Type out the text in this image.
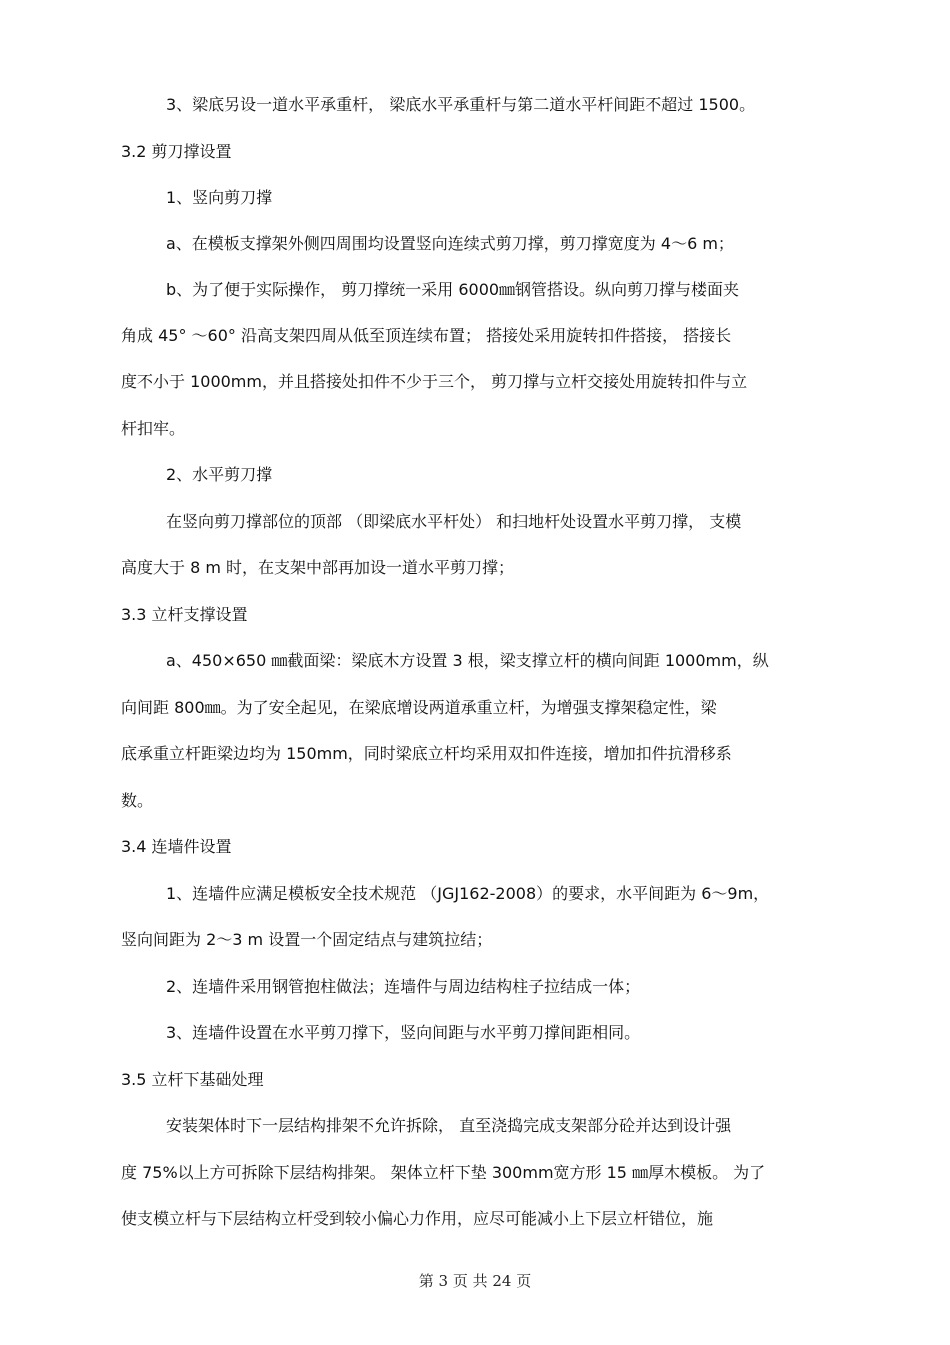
3、梁底另设一道水平承重杆， 梁底水平承重杆与第二道水平杆间距不超过 1500。
3.2 剪刀撑设置
1、竖向剪刀撑
a、在模板支撑架外侧四周围均设置竖向连续式剪刀撑，剪刀撑宽度为 4～6 m；
b、为了便于实际操作， 剪刀撑统一采用 6000㎜钢管搭设。纵向剪刀撑与楼面夹
角成 45° ～60° 沿高支架四周从低至顶连续布置； 搭接处采用旋转扣件搭接， 搭接长
度不小于 1000mm，并且搭接处扣件不少于三个， 剪刀撑与立杆交接处用旋转扣件与立
杆扣牢。
2、水平剪刀撑
在竖向剪刀撑部位的顶部 （即梁底水平杆处） 和扫地杆处设置水平剪刀撑， 支模
高度大于 8 m 时，在支架中部再加设一道水平剪刀撑；
3.3 立杆支撑设置
a、450×650 ㎜截面梁：梁底木方设置 3 根，梁支撑立杆的横向间距 1000mm，纵
向间距 800㎜。为了安全起见，在梁底增设两道承重立杆，为增强支撑架稳定性，梁
底承重立杆距梁边均为 150mm，同时梁底立杆均采用双扣件连接，增加扣件抗滑移系
数。
3.4 连墙件设置
1、连墙件应满足模板安全技术规范 （JGJ162-2008）的要求，水平间距为 6～9m，
竖向间距为 2～3 m 设置一个固定结点与建筑拉结；
2、连墙件采用钢管抱柱做法；连墙件与周边结构柱子拉结成一体；
3、连墙件设置在水平剪刀撑下，竖向间距与水平剪刀撑间距相同。
3.5 立杆下基础处理
安装架体时下一层结构排架不允许拆除， 直至浇捣完成支架部分砼并达到设计强
度 75%以上方可拆除下层结构排架。 架体立杆下垫 300mm宽方形 15 ㎜厚木模板。 为了
使支模立杆与下层结构立杆受到较小偏心力作用，应尽可能减小上下层立杆错位，施
第 3 页 共 24 页
